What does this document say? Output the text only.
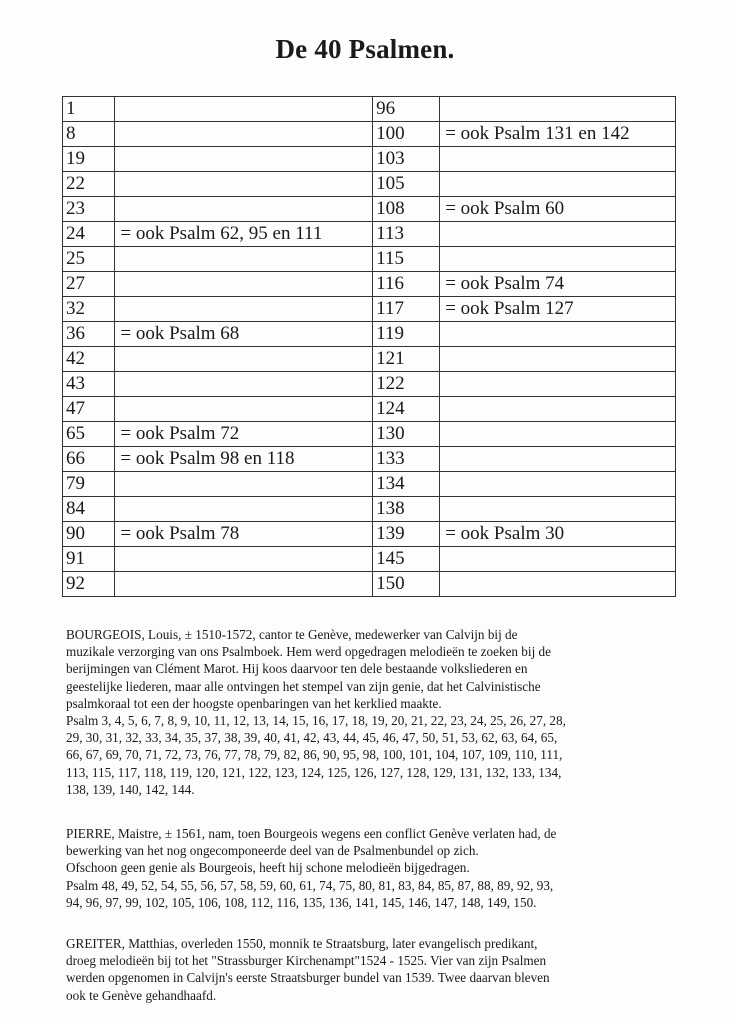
De 40 Psalmen.
1		96	
8		100	= ook Psalm 131 en 142
19		103	
22		105	
23		108	= ook Psalm 60
24	= ook Psalm 62, 95 en 111	113	
25		115	
27		116	= ook Psalm 74
32		117	= ook Psalm 127
36	= ook Psalm 68	119	
42		121	
43		122	
47		124	
65	= ook Psalm 72	130	
66	= ook Psalm 98 en 118	133	
79		134	
84		138	
90	= ook Psalm 78	139	= ook Psalm 30
91		145	
92		150	

BOURGEOIS, Louis, ± 1510-1572, cantor te Genève, medewerker van Calvijn bij de

muzikale verzorging van ons Psalmboek. Hem werd opgedragen melodieën te zoeken bij de

berijmingen van Clément Marot. Hij koos daarvoor ten dele bestaande volksliederen en

geestelijke liederen, maar alle ontvingen het stempel van zijn genie, dat het Calvinistische

psalmkoraal tot een der hoogste openbaringen van het kerklied maakte.

Psalm 3, 4, 5, 6, 7, 8, 9, 10, 11, 12, 13, 14, 15, 16, 17, 18, 19, 20, 21, 22, 23, 24, 25, 26, 27, 28,

29, 30, 31, 32, 33, 34, 35, 37, 38, 39, 40, 41, 42, 43, 44, 45, 46, 47, 50, 51, 53, 62, 63, 64, 65,

66, 67, 69, 70, 71, 72, 73, 76, 77, 78, 79, 82, 86, 90, 95, 98, 100, 101, 104, 107, 109, 110, 111,

113, 115, 117, 118, 119, 120, 121, 122, 123, 124, 125, 126, 127, 128, 129, 131, 132, 133, 134,

138, 139, 140, 142, 144.

PIERRE, Maistre, ± 1561, nam, toen Bourgeois wegens een conflict Genève verlaten had, de

bewerking van het nog ongecomponeerde deel van de Psalmenbundel op zich.

Ofschoon geen genie als Bourgeois, heeft hij schone melodieën bijgedragen.

Psalm 48, 49, 52, 54, 55, 56, 57, 58, 59, 60, 61, 74, 75, 80, 81, 83, 84, 85, 87, 88, 89, 92, 93,

94, 96, 97, 99, 102, 105, 106, 108, 112, 116, 135, 136, 141, 145, 146, 147, 148, 149, 150.

GREITER, Matthias, overleden 1550, monnik te Straatsburg, later evangelisch predikant,

droeg melodieën bij tot het "Strassburger Kirchenampt"1524 - 1525. Vier van zijn Psalmen

werden opgenomen in Calvijn's eerste Straatsburger bundel van 1539. Twee daarvan bleven

ook te Genève gehandhaafd.
